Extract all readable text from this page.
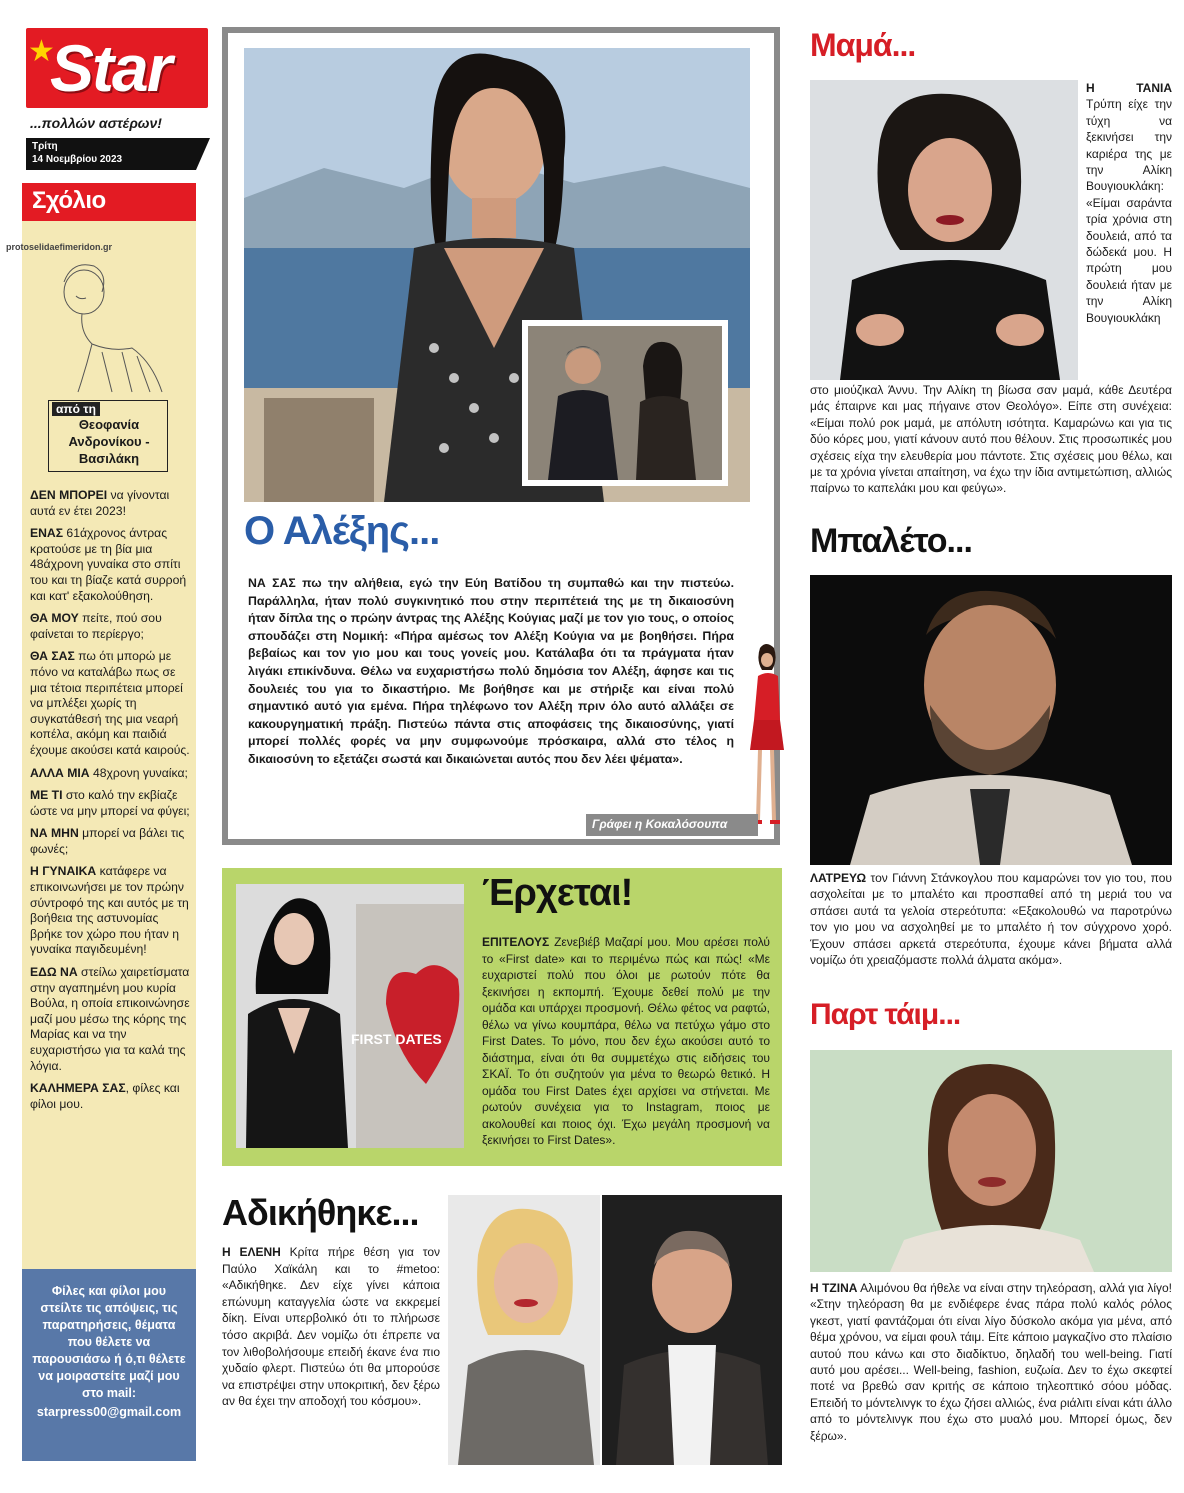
★
Star
...πολλών αστέρων!
Τρίτη
14 Νοεμβρίου 2023
Σχόλιο
protoselidaefimeridon.gr
από τη
Θεοφανία Ανδρονίκου - Βασιλάκη

ΔΕΝ ΜΠΟΡΕΙ να γίνονται αυτά εν έτει 2023!

ΕΝΑΣ 61άχρονος άντρας κρατούσε με τη βία μια 48άχρονη γυναίκα στο σπίτι του και τη βίαζε κατά συρροή και κατ' εξακολούθηση.

ΘΑ ΜΟΥ πείτε, πού σου φαίνεται το περίεργο;

ΘΑ ΣΑΣ πω ότι μπορώ με πόνο να καταλάβω πως σε μια τέτοια περιπέτεια μπορεί να μπλέξει χωρίς τη συγκατάθεσή της μια νεαρή κοπέλα, ακόμη και παιδιά έχουμε ακούσει κατά καιρούς.

ΑΛΛΑ ΜΙΑ 48χρονη γυναίκα;

ΜΕ ΤΙ στο καλό την εκβίαζε ώστε να μην μπορεί να φύγει;

ΝΑ ΜΗΝ μπορεί να βάλει τις φωνές;

Η ΓΥΝΑΙΚΑ κατάφερε να επικοινωνήσει με τον πρώην σύντροφό της και αυτός με τη βοήθεια της αστυνομίας βρήκε τον χώρο που ήταν η γυναίκα παγιδευμένη!

ΕΔΩ ΝΑ στείλω χαιρετίσματα στην αγαπημένη μου κυρία Βούλα, η οποία επικοινώνησε μαζί μου μέσω της κόρης της Μαρίας και να την ευχαριστήσω για τα καλά της λόγια.

ΚΑΛΗΜΕΡΑ ΣΑΣ, φίλες και φίλοι μου.

Φίλες και φίλοι μου στείλτε τις απόψεις, τις παρατηρήσεις, θέματα που θέλετε να παρουσιάσω ή ό,τι θέλετε να μοιραστείτε μαζί μου στο mail:
starpress00@gmail.com
Ο Αλέξης...
ΝΑ ΣΑΣ πω την αλήθεια, εγώ την Εύη Βατίδου τη συμπαθώ και την πιστεύω. Παράλληλα, ήταν πολύ συγκινητικό που στην περιπέτειά της με τη δικαιοσύνη ήταν δίπλα της ο πρώην άντρας της Αλέξης Κούγιας μαζί με τον γιο τους, ο οποίος σπουδάζει στη Νομική: «Πήρα αμέσως τον Αλέξη Κούγια να με βοηθήσει. Πήρα βεβαίως και τον γιο μου και τους γονείς μου. Κατάλαβα ότι τα πράγματα ήταν λιγάκι επικίνδυνα. Θέλω να ευχαριστήσω πολύ δημόσια τον Αλέξη, άφησε και τις δουλειές του για το δικαστήριο. Με βοήθησε και με στήριξε και είναι πολύ σημαντικό αυτό για εμένα. Πήρα τηλέφωνο τον Αλέξη πριν όλο αυτό αλλάξει σε κακουργηματική πράξη. Πιστεύω πάντα στις αποφάσεις της δικαιοσύνης, γιατί μπορεί πολλές φορές να μην συμφωνούμε πρόσκαιρα, αλλά στο τέλος η δικαιοσύνη το εξετάζει σωστά και δικαιώνεται αυτός που δεν λέει ψέματα».
Γράφει η Κοκαλόσουπα
FIRST DATES
Έρχεται!
ΕΠΙΤΕΛΟΥΣ Ζενεβιέβ Μαζαρί μου. Μου αρέσει πολύ το «First date» και το περιμένω πώς και πώς! «Με ευχαριστεί πολύ που όλοι με ρωτούν πότε θα ξεκινήσει η εκπομπή. Έχουμε δεθεί πολύ με την ομάδα και υπάρχει προσμονή. Θέλω φέτος να ραφτώ, θέλω να γίνω κουμπάρα, θέλω να πετύχω γάμο στο First Dates. Το μόνο, που δεν έχω ακούσει αυτό το διάστημα, είναι ότι θα συμμετέχω στις ειδήσεις του ΣΚΑΪ. Το ότι συζητούν για μένα το θεωρώ θετικό. Η ομάδα του First Dates έχει αρχίσει να στήνεται. Με ρωτούν συνέχεια για το Instagram, ποιος με ακολουθεί και ποιος όχι. Έχω μεγάλη προσμονή να ξεκινήσει το First Dates».
Αδικήθηκε...
Η ΕΛΕΝΗ Κρίτα πήρε θέση για τον Παύλο Χαϊκάλη και το #metoo: «Αδικήθηκε. Δεν είχε γίνει κάποια επώνυμη καταγγελία ώστε να εκκρεμεί δίκη. Είναι υπερβολικό ότι το πλήρωσε τόσο ακριβά. Δεν νομίζω ότι έπρεπε να τον λιθοβολήσουμε επειδή έκανε ένα πιο χυδαίο φλερτ. Πιστεύω ότι θα μπορούσε να επιστρέψει στην υποκριτική, δεν ξέρω αν θα έχει την αποδοχή του κόσμου».
Μαμά...
Η ΤΑΝΙΑ Τρύπη είχε την τύχη να ξεκινήσει την καριέρα της με την Αλίκη Βουγιουκλάκη: «Είμαι σαράντα τρία χρόνια στη δουλειά, από τα δώδεκά μου. Η πρώτη μου δουλειά ήταν με την Αλίκη Βουγιουκλάκη
στο μιούζικαλ Άννυ. Την Αλίκη τη βίωσα σαν μαμά, κάθε Δευτέρα μάς έπαιρνε και μας πήγαινε στον Θεολόγο». Είπε στη συνέχεια: «Είμαι πολύ ροκ μαμά, με απόλυτη ισότητα. Καμαρώνω και για τις δύο κόρες μου, γιατί κάνουν αυτό που θέλουν. Στις προσωπικές μου σχέσεις είχα την ελευθερία μου πάντοτε. Στις σχέσεις μου θέλω, και με τα χρόνια γίνεται απαίτηση, να έχω την ίδια αντιμετώπιση, αλλιώς παίρνω το καπελάκι μου και φεύγω».
Μπαλέτο...
ΛΑΤΡΕΥΩ τον Γιάννη Στάνκογλου που καμαρώνει τον γιο του, που ασχολείται με το μπαλέτο και προσπαθεί από τη μεριά του να σπάσει αυτά τα γελοία στερεότυπα: «Εξακολουθώ να παροτρύνω τον γιο μου να ασχοληθεί με το μπαλέτο ή τον σύγχρονο χορό. Έχουν σπάσει αρκετά στερεότυπα, έχουμε κάνει βήματα αλλά νομίζω ότι χρειαζόμαστε πολλά άλματα ακόμα».
Παρτ τάιμ...
Η ΤΖΙΝΑ Αλιμόνου θα ήθελε να είναι στην τηλεόραση, αλλά για λίγο! «Στην τηλεόραση θα με ενδιέφερε ένας πάρα πολύ καλός ρόλος γκεστ, γιατί φαντάζομαι ότι είναι λίγο δύσκολο ακόμα για μένα, από θέμα χρόνου, να είμαι φουλ τάιμ. Είτε κάποιο μαγκαζίνο στο πλαίσιο αυτού που κάνω και στο διαδίκτυο, δηλαδή του well-being. Γιατί αυτό μου αρέσει... Well-being, fashion, ευζωία. Δεν το έχω σκεφτεί ποτέ να βρεθώ σαν κριτής σε κάποιο τηλεοπτικό σόου μόδας. Επειδή το μόντελινγκ το έχω ζήσει αλλιώς, ένα ριάλιτι είναι κάτι άλλο από το μόντελινγκ που έχω στο μυαλό μου. Μπορεί όμως, δεν ξέρω».
